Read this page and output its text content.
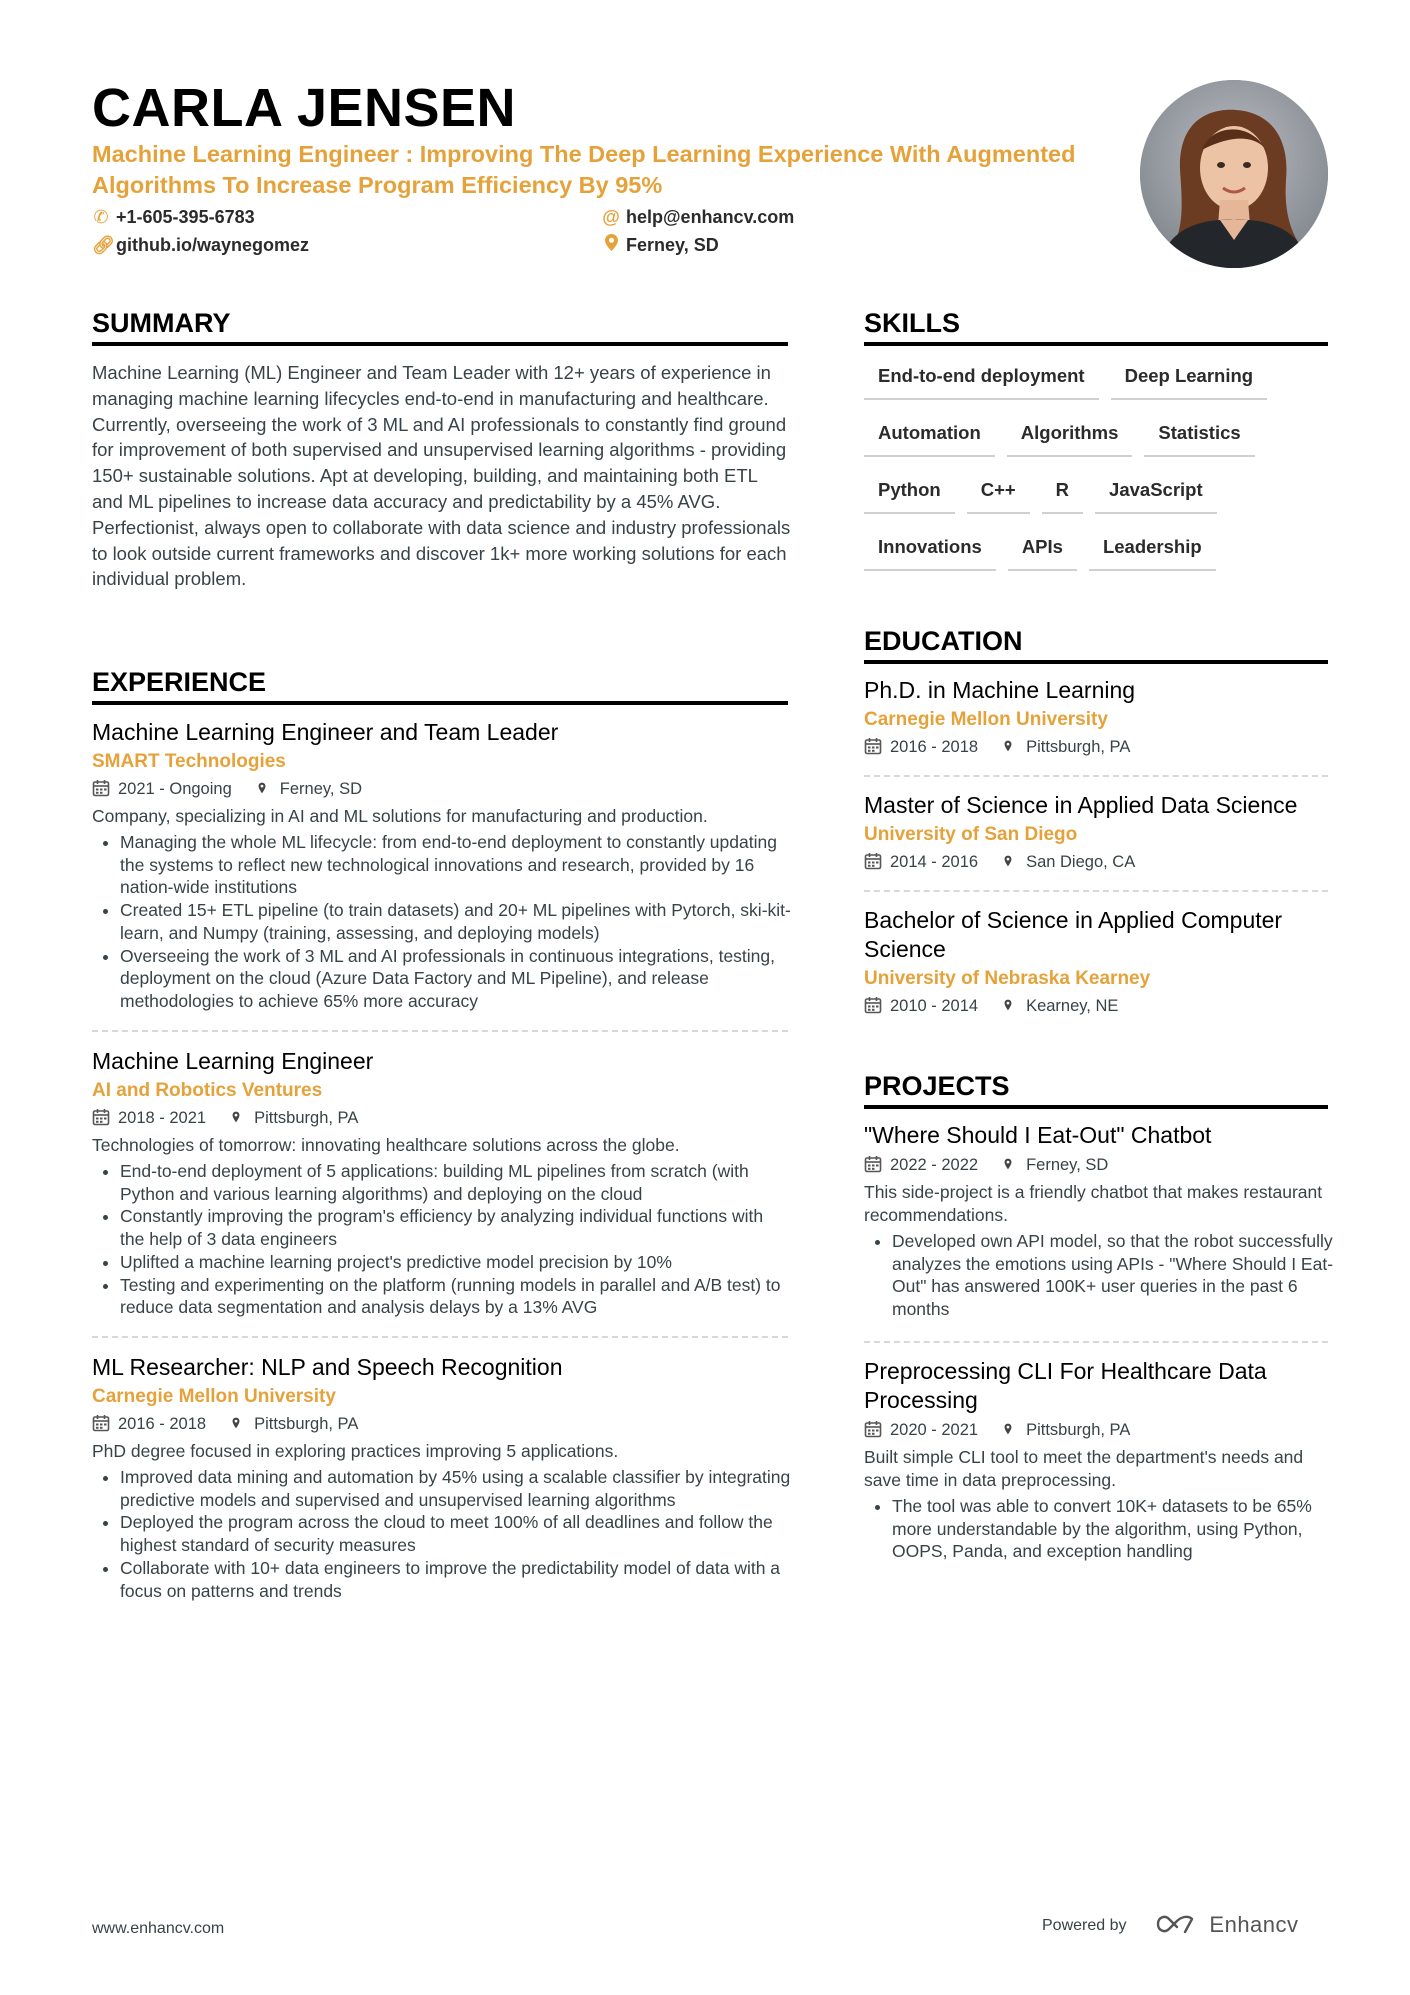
CARLA JENSEN

Machine Learning Engineer : Improving The Deep Learning Experience With Augmented Algorithms To Increase Program Efficiency By 95%

✆ +1-605-395-6783	@ help@enhancv.com
🔗︎github.io/waynegomez	Ferney, SD
SUMMARY

Machine Learning (ML) Engineer and Team Leader with 12+ years of experience in managing machine learning lifecycles end-to-end in manufacturing and healthcare. Currently, overseeing the work of 3 ML and AI professionals to constantly find ground for improvement of both supervised and unsupervised learning algorithms - providing 150+ sustainable solutions. Apt at developing, building, and maintaining both ETL and ML pipelines to increase data accuracy and predictability by a 45% AVG. Perfectionist, always open to collaborate with data science and industry professionals to look outside current frameworks and discover 1k+ more working solutions for each individual problem.

EXPERIENCE

Machine Learning Engineer and Team Leader

SMART Technologies
2021 - Ongoing	Ferney, SD
Company, specializing in AI and ML solutions for manufacturing and production.
• Managing the whole ML lifecycle: from end-to-end deployment to constantly updating the systems to reflect new technological innovations and research, provided by 16 nation-wide institutions
• Created 15+ ETL pipeline (to train datasets) and 20+ ML pipelines with Pytorch, ski-kit-learn, and Numpy (training, assessing, and deploying models)
• Overseeing the work of 3 ML and AI professionals in continuous integrations, testing, deployment on the cloud (Azure Data Factory and ML Pipeline), and release methodologies to achieve 65% more accuracy

Machine Learning Engineer

AI and Robotics Ventures
2018 - 2021	Pittsburgh, PA
Technologies of tomorrow: innovating healthcare solutions across the globe.
• End-to-end deployment of 5 applications: building ML pipelines from scratch (with Python and various learning algorithms) and deploying on the cloud
• Constantly improving the program's efficiency by analyzing individual functions with the help of 3 data engineers
• Uplifted a machine learning project's predictive model precision by 10%
• Testing and experimenting on the platform (running models in parallel and A/B test) to reduce data segmentation and analysis delays by a 13% AVG

ML Researcher: NLP and Speech Recognition

Carnegie Mellon University
2016 - 2018	Pittsburgh, PA
PhD degree focused in exploring practices improving 5 applications.
• Improved data mining and automation by 45% using a scalable classifier by integrating predictive models and supervised and unsupervised learning algorithms
• Deployed the program across the cloud to meet 100% of all deadlines and follow the highest standard of security measures
• Collaborate with 10+ data engineers to improve the predictability model of data with a focus on patterns and trends
SKILLS
End-to-end deployment Deep Learning
Automation Algorithms Statistics
Python C++ R JavaScript
Innovations APIs Leadership
EDUCATION

Ph.D. in Machine Learning

Carnegie Mellon University
2016 - 2018	Pittsburgh, PA

Master of Science in Applied Data Science

University of San Diego
2014 - 2016	San Diego, CA

Bachelor of Science in Applied Computer Science

University of Nebraska Kearney
2010 - 2014	Kearney, NE
PROJECTS

"Where Should I Eat-Out" Chatbot

2022 - 2022	Ferney, SD
This side-project is a friendly chatbot that makes restaurant recommendations.
• Developed own API model, so that the robot successfully analyzes the emotions using APIs - "Where Should I Eat-Out" has answered 100K+ user queries in the past 6 months

Preprocessing CLI For Healthcare Data Processing

2020 - 2021	Pittsburgh, PA
Built simple CLI tool to meet the department's needs and save time in data preprocessing.
• The tool was able to convert 10K+ datasets to be 65% more understandable by the algorithm, using Python, OOPS, Panda, and exception handling
www.enhancv.com	Powered by	Enhancv
